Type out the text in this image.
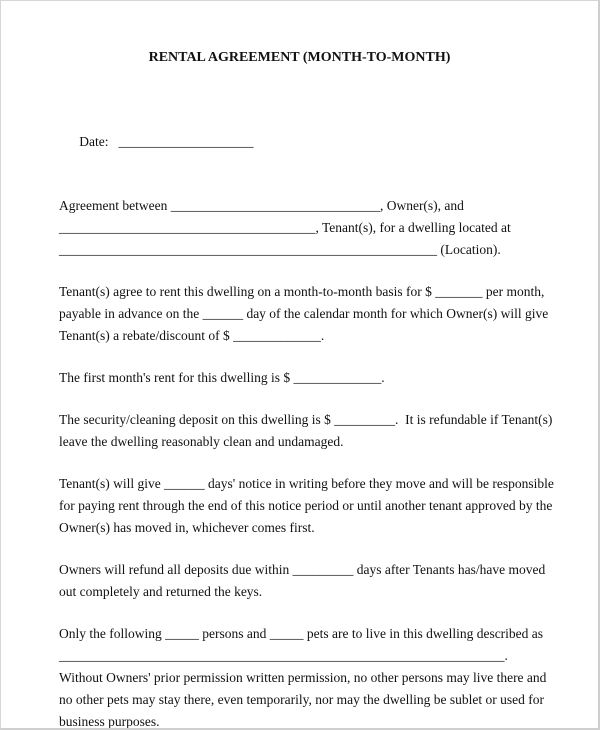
RENTAL AGREEMENT (MONTH-TO-MONTH)

Date: ____________________

Agreement between _______________________________, Owner(s), and
______________________________________, Tenant(s), for a dwelling located at
________________________________________________________ (Location).
Tenant(s) agree to rent this dwelling on a month-to-month basis for $ _______ per month,
payable in advance on the ______ day of the calendar month for which Owner(s) will give
Tenant(s) a rebate/discount of $ _____________.
The first month's rent for this dwelling is $ _____________.
The security/cleaning deposit on this dwelling is $ _________.  It is refundable if Tenant(s)
leave the dwelling reasonably clean and undamaged.
Tenant(s) will give ______ days' notice in writing before they move and will be responsible
for paying rent through the end of this notice period or until another tenant approved by the
Owner(s) has moved in, whichever comes first.
Owners will refund all deposits due within _________ days after Tenants has/have moved
out completely and returned the keys.
Only the following _____ persons and _____ pets are to live in this dwelling described as
__________________________________________________________________.
Without Owners' prior permission written permission, no other persons may live there and
no other pets may stay there, even temporarily, nor may the dwelling be sublet or used for
business purposes.
